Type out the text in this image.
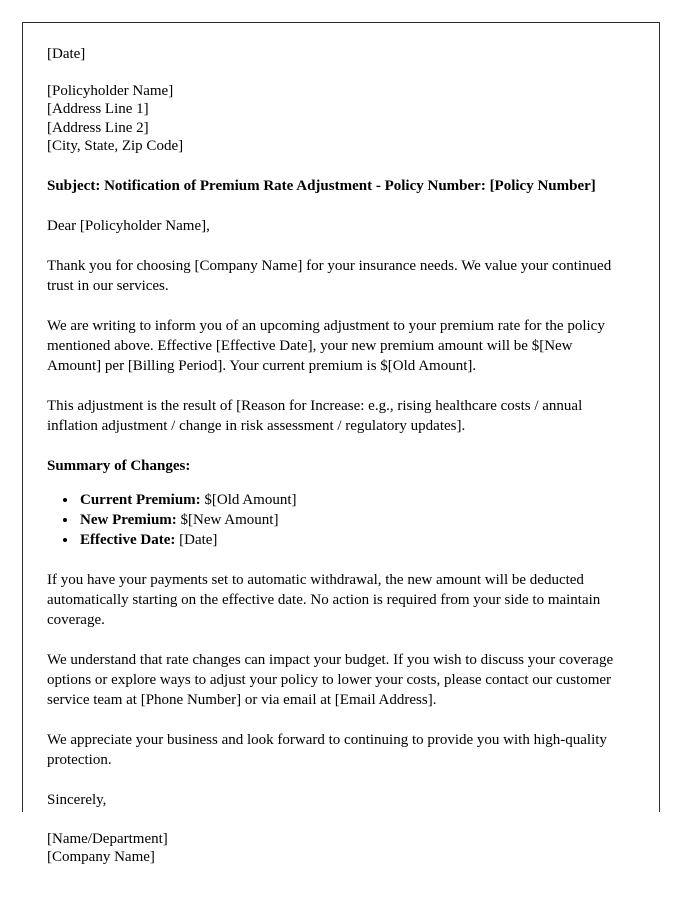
[Date]
[Policyholder Name]
[Address Line 1]
[Address Line 2]
[City, State, Zip Code]

Subject: Notification of Premium Rate Adjustment - Policy Number: [Policy Number]

Dear [Policyholder Name],

Thank you for choosing [Company Name] for your insurance needs. We value your continued trust in our services.

We are writing to inform you of an upcoming adjustment to your premium rate for the policy mentioned above. Effective [Effective Date], your new premium amount will be $[New Amount] per [Billing Period]. Your current premium is $[Old Amount].

This adjustment is the result of [Reason for Increase: e.g., rising healthcare costs / annual inflation adjustment / change in risk assessment / regulatory updates].

Summary of Changes:

• Current Premium: $[Old Amount]
• New Premium: $[New Amount]
• Effective Date: [Date]

If you have your payments set to automatic withdrawal, the new amount will be deducted automatically starting on the effective date. No action is required from your side to maintain coverage.

We understand that rate changes can impact your budget. If you wish to discuss your coverage options or explore ways to adjust your policy to lower your costs, please contact our customer service team at [Phone Number] or via email at [Email Address].

We appreciate your business and look forward to continuing to provide you with high-quality protection.

Sincerely,

[Name/Department]
[Company Name]
